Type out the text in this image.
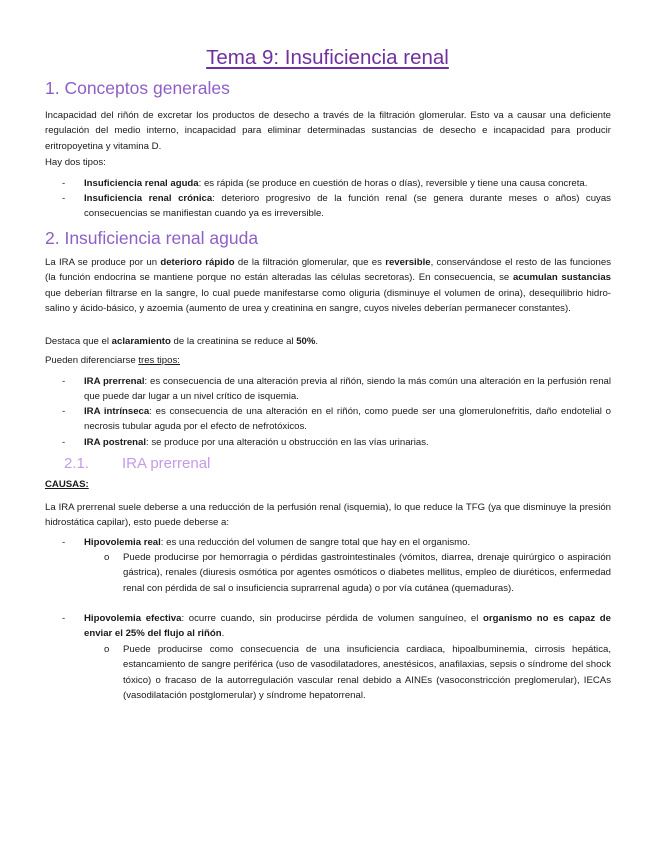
Tema 9: Insuficiencia renal
1. Conceptos generales
Incapacidad del riñón de excretar los productos de desecho a través de la filtración glomerular. Esto va a causar una deficiente regulación del medio interno, incapacidad para eliminar determinadas sustancias de desecho e incapacidad para producir eritropoyetina y vitamina D.
Hay dos tipos:
- Insuficiencia renal aguda: es rápida (se produce en cuestión de horas o días), reversible y tiene una causa concreta.
- Insuficiencia renal crónica: deterioro progresivo de la función renal (se genera durante meses o años) cuyas consecuencias se manifiestan cuando ya es irreversible.
2. Insuficiencia renal aguda
La IRA se produce por un deterioro rápido de la filtración glomerular, que es reversible, conservándose el resto de las funciones (la función endocrina se mantiene porque no están alteradas las células secretoras). En consecuencia, se acumulan sustancias que deberían filtrarse en la sangre, lo cual puede manifestarse como oliguria (disminuye el volumen de orina), desequilibrio hidro-salino y ácido-básico, y azoemia (aumento de urea y creatinina en sangre, cuyos niveles deberían permanecer constantes).
Destaca que el aclaramiento de la creatinina se reduce al 50%.
Pueden diferenciarse tres tipos:
- IRA prerrenal: es consecuencia de una alteración previa al riñón, siendo la más común una alteración en la perfusión renal que puede dar lugar a un nivel crítico de isquemia.
- IRA intrínseca: es consecuencia de una alteración en el riñón, como puede ser una glomerulonefritis, daño endotelial o necrosis tubular aguda por el efecto de nefrotóxicos.
- IRA postrenal: se produce por una alteración u obstrucción en las vías urinarias.
2.1. IRA prerrenal
CAUSAS:
La IRA prerrenal suele deberse a una reducción de la perfusión renal (isquemia), lo que reduce la TFG (ya que disminuye la presión hidrostática capilar), esto puede deberse a:
- Hipovolemia real: es una reducción del volumen de sangre total que hay en el organismo.
o Puede producirse por hemorragia o pérdidas gastrointestinales (vómitos, diarrea, drenaje quirúrgico o aspiración gástrica), renales (diuresis osmótica por agentes osmóticos o diabetes mellitus, empleo de diuréticos, enfermedad renal con pérdida de sal o insuficiencia suprarrenal aguda) o por vía cutánea (quemaduras).
- Hipovolemia efectiva: ocurre cuando, sin producirse pérdida de volumen sanguíneo, el organismo no es capaz de enviar el 25% del flujo al riñón.
o Puede producirse como consecuencia de una insuficiencia cardiaca, hipoalbuminemia, cirrosis hepática, estancamiento de sangre periférica (uso de vasodilatadores, anestésicos, anafilaxias, sepsis o síndrome del shock tóxico) o fracaso de la autorregulación vascular renal debido a AINEs (vasoconstricción preglomerular), IECAs (vasodilatación postglomerular) y síndrome hepatorrenal.
